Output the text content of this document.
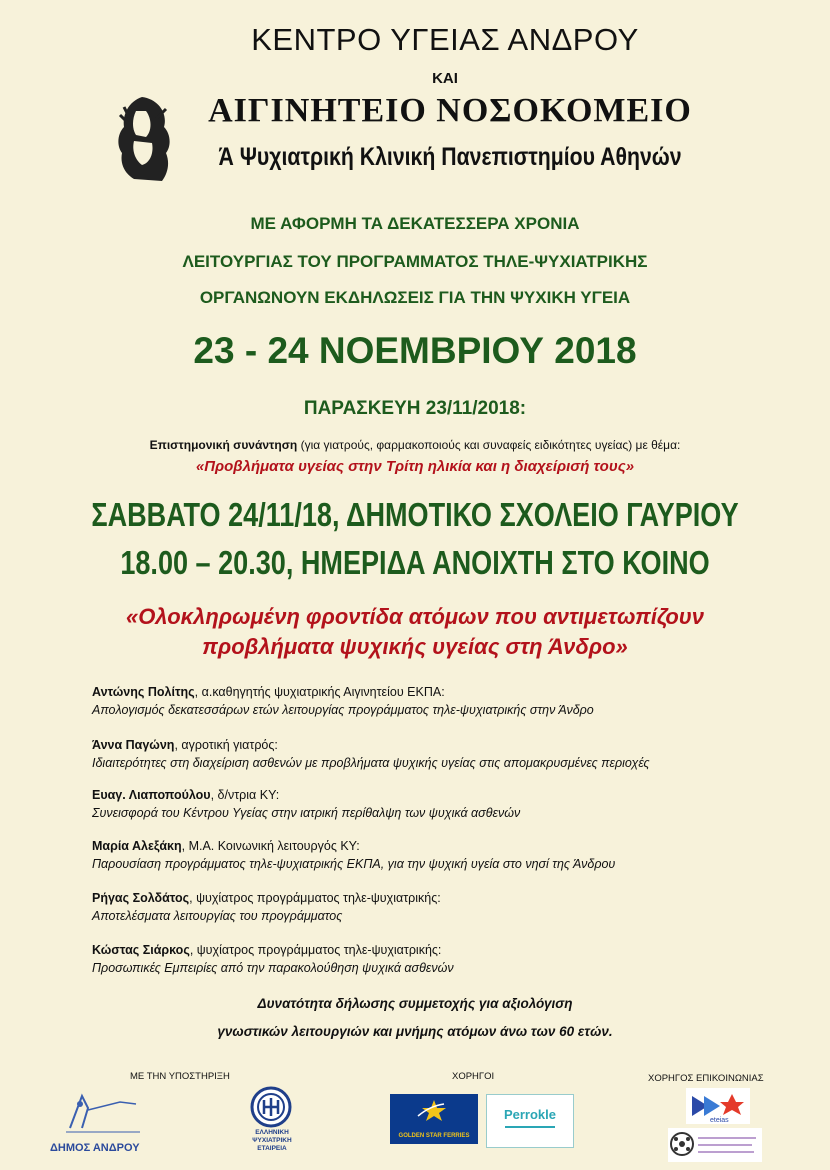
ΚΕΝΤΡΟ ΥΓΕΙΑΣ ΑΝΔΡΟΥ
ΚΑΙ
ΑΙΓΙΝΗΤΕΙΟ ΝΟΣΟΚΟΜΕΙΟ
Ά Ψυχιατρική Κλινική Πανεπιστημίου Αθηνών
ΜΕ ΑΦΟΡΜΗ ΤΑ ΔΕΚΑΤΕΣΣΕΡΑ ΧΡΟΝΙΑ
ΛΕΙΤΟΥΡΓΙΑΣ ΤΟΥ ΠΡΟΓΡΑΜΜΑΤΟΣ ΤΗΛΕ-ΨΥΧΙΑΤΡΙΚΗΣ
ΟΡΓΑΝΩΝΟΥΝ ΕΚΔΗΛΩΣΕΙΣ ΓΙΑ ΤΗΝ ΨΥΧΙΚΗ ΥΓΕΙΑ
23 - 24 ΝΟΕΜΒΡΙΟΥ 2018
ΠΑΡΑΣΚΕΥΗ 23/11/2018:
Επιστημονική συνάντηση (για γιατρούς, φαρμακοποιούς και συναφείς ειδικότητες υγείας) με θέμα:
«Προβλήματα υγείας στην Τρίτη ηλικία και η διαχείρισή τους»
ΣΑΒΒΑΤΟ 24/11/18, ΔΗΜΟΤΙΚΟ ΣΧΟΛΕΙΟ ΓΑΥΡΙΟΥ
18.00 – 20.30, ΗΜΕΡΙΔΑ ΑΝΟΙΧΤΗ ΣΤΟ ΚΟΙΝΟ
«Ολοκληρωμένη φροντίδα ατόμων που αντιμετωπίζουν
προβλήματα ψυχικής υγείας στη Άνδρο»
Αντώνης Πολίτης, α.καθηγητής ψυχιατρικής Αιγινητείου ΕΚΠΑ:
Απολογισμός δεκατεσσάρων ετών λειτουργίας προγράμματος τηλε-ψυχιατρικής στην Άνδρο
Άννα Παγώνη, αγροτική γιατρός:
Ιδιαιτερότητες στη διαχείριση ασθενών με προβλήματα ψυχικής υγείας στις απομακρυσμένες περιοχές
Ευαγ. Λιαποπούλου, δ/ντρια ΚΥ:
Συνεισφορά του Κέντρου Υγείας στην ιατρική περίθαλψη των ψυχικά ασθενών
Μαρία Αλεξάκη, Μ.Α. Κοινωνική λειτουργός ΚΥ:
Παρουσίαση προγράμματος τηλε-ψυχιατρικής ΕΚΠΑ, για την ψυχική υγεία στο νησί της Άνδρου
Ρήγας Σολδάτος, ψυχίατρος προγράμματος τηλε-ψυχιατρικής:
Αποτελέσματα λειτουργίας του προγράμματος
Κώστας Σιάρκος, ψυχίατρος προγράμματος τηλε-ψυχιατρικής:
Προσωπικές Εμπειρίες από την παρακολούθηση ψυχικά ασθενών
Δυνατότητα δήλωσης συμμετοχής για αξιολόγιση
γνωστικών λειτουργιών και μνήμης ατόμων άνω των 60 ετών.
ΜΕ ΤΗΝ ΥΠΟΣΤΗΡΙΞΗ	ΧΟΡΗΓΟΙ	ΧΟΡΗΓΟΣ ΕΠΙΚΟΙΝΩΝΙΑΣ
ΔΗΜΟΣ ΑΝΔΡΟΥ
ΕΛΛΗΝΙΚΗ
ΨΥΧΙΑΤΡΙΚΗ
ΕΤΑΙΡΕΙΑ
GOLDEN STAR FERRIES
Perrokle	eteias
